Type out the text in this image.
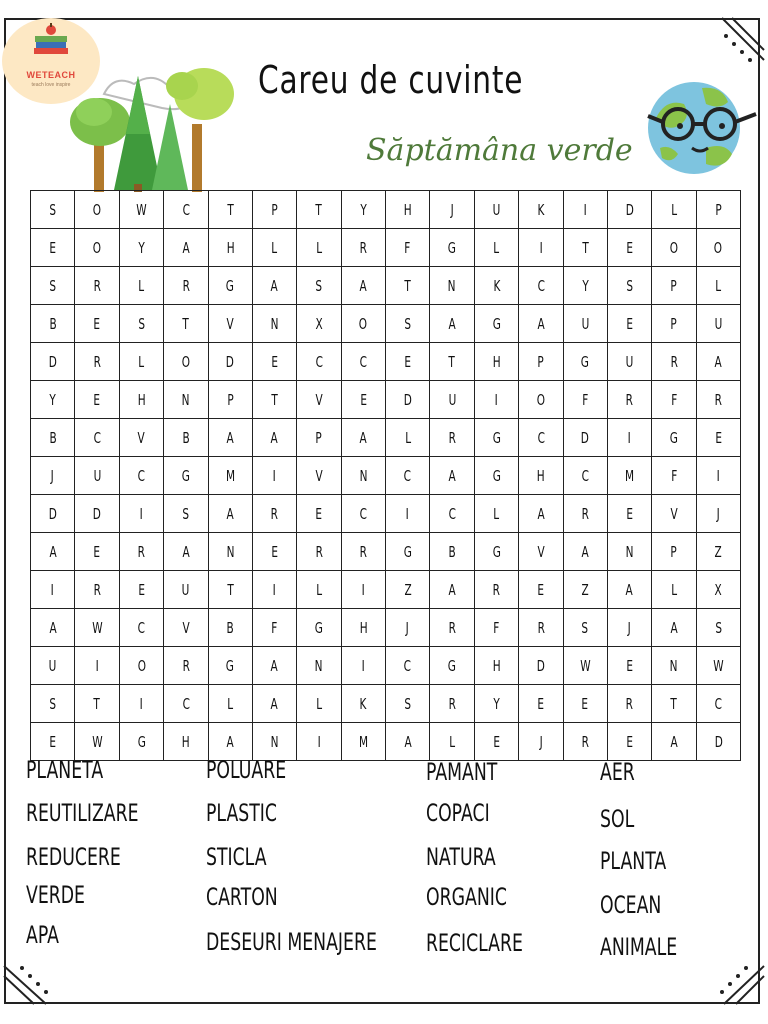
WETEACH
teach love inspire	Careu de cuvinte
Săptămâna verde
S	O	W	C	T	P	T	Y	H	J	U	K	I	D	L	P
E	O	Y	A	H	L	L	R	F	G	L	I	T	E	O	O
S	R	L	R	G	A	S	A	T	N	K	C	Y	S	P	L
B	E	S	T	V	N	X	O	S	A	G	A	U	E	P	U
D	R	L	O	D	E	C	C	E	T	H	P	G	U	R	A
Y	E	H	N	P	T	V	E	D	U	I	O	F	R	F	R
B	C	V	B	A	A	P	A	L	R	G	C	D	I	G	E
J	U	C	G	M	I	V	N	C	A	G	H	C	M	F	I
D	D	I	S	A	R	E	C	I	C	L	A	R	E	V	J
A	E	R	A	N	E	R	R	G	B	G	V	A	N	P	Z
I	R	E	U	T	I	L	I	Z	A	R	E	Z	A	L	X
A	W	C	V	B	F	G	H	J	R	F	R	S	J	A	S
U	I	O	R	G	A	N	I	C	G	H	D	W	E	N	W
S	T	I	C	L	A	L	K	S	R	Y	E	E	R	T	C
E	W	G	H	A	N	I	M	A	L	E	J	R	E	A	D
PLANETA
REUTILIZARE
REDUCERE
VERDE
APA
POLUARE
PLASTIC
STICLA
CARTON
DESEURI MENAJERE
PAMANT
COPACI
NATURA
ORGANIC
RECICLARE
AER
SOL
PLANTA
OCEAN
ANIMALE
